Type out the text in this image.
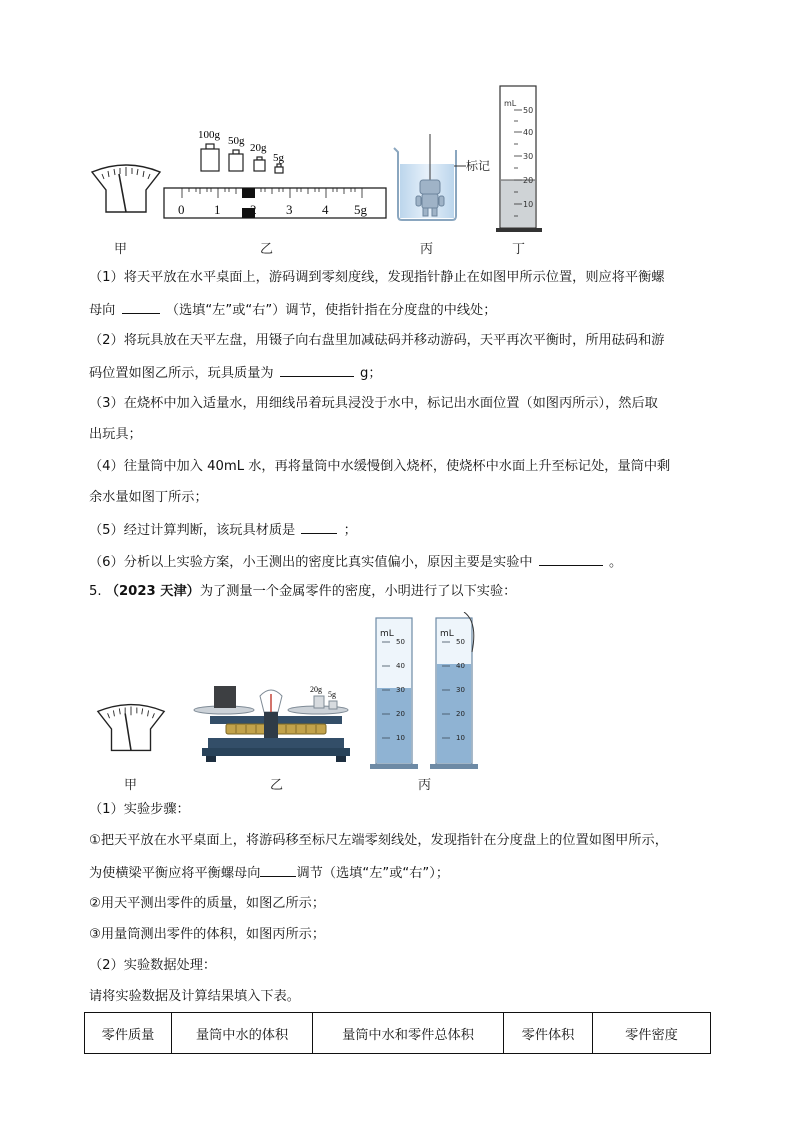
甲
100g 50g
20g
5g
0 1 2 3 4 5g
乙
标记
丙
mL
50
40
30
20
10
丁
（1）将天平放在水平桌面上，游码调到零刻度线，发现指针静止在如图甲所示位置，则应将平衡螺
母向	（选填“左”或“右”）调节，使指针指在分度盘的中线处；
（2）将玩具放在天平左盘，用镊子向右盘里加减砝码并移动游码，天平再次平衡时，所用砝码和游
码位置如图乙所示，玩具质量为	g；
（3）在烧杯中加入适量水，用细线吊着玩具浸没于水中，标记出水面位置（如图丙所示），然后取
出玩具；
（4）往量筒中加入 40mL 水，再将量筒中水缓慢倒入烧杯，使烧杯中水面上升至标记处，量筒中剩
余水量如图丁所示；
（5）经过计算判断，该玩具材质是	；
（6）分析以上实验方案，小王测出的密度比真实值偏小，原因主要是实验中	。
5. （2023 天津）为了测量一个金属零件的密度，小明进行了以下实验：
甲
20g
5g
乙
mL	mL
50
40
30
20
10
50
40
30
20
10
丙
（1）实验步骤：
①把天平放在水平桌面上，将游码移至标尺左端零刻线处，发现指针在分度盘上的位置如图甲所示，
为使横梁平衡应将平衡螺母向	调节（选填“左”或“右”）；
②用天平测出零件的质量，如图乙所示；
③用量筒测出零件的体积，如图丙所示；
（2）实验数据处理：
请将实验数据及计算结果填入下表。
零件质量	量筒中水的体积	量筒中水和零件总体积	零件体积	零件密度
